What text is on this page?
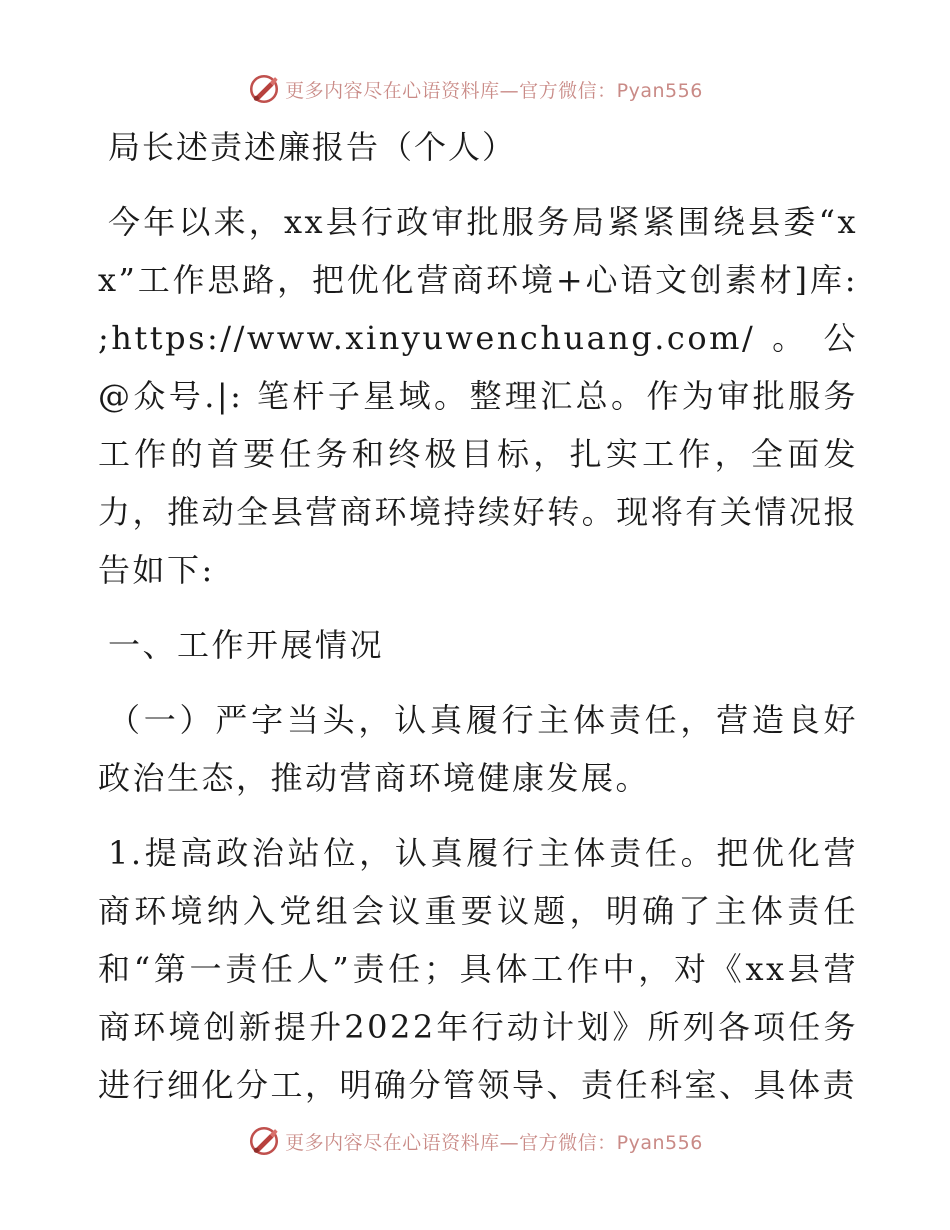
更多内容尽在心语资料库—官方微信：Pyan556
局长述责述廉报告（个人）

今年以来，xx县行政审批服务局紧紧围绕县委“xx”工作思路，把优化营商环境+心语文创素材]库: ;https://www.xinyuwenchuang.com/。公@众号.|: 笔杆子星域。整理汇总。作为审批服务工作的首要任务和终极目标，扎实工作，全面发力，推动全县营商环境持续好转。现将有关情况报告如下:

一、工作开展情况

（一）严字当头，认真履行主体责任，营造良好政治生态，推动营商环境健康发展。

1.提高政治站位，认真履行主体责任。把优化营商环境纳入党组会议重要议题，明确了主体责任和“第一责任人”责任；具体工作中，对《xx县营商环境创新提升2022年行动计划》所列各项任务进行细化分工，明确分管领导、责任科室、具体责

更多内容尽在心语资料库—官方微信：Pyan556
